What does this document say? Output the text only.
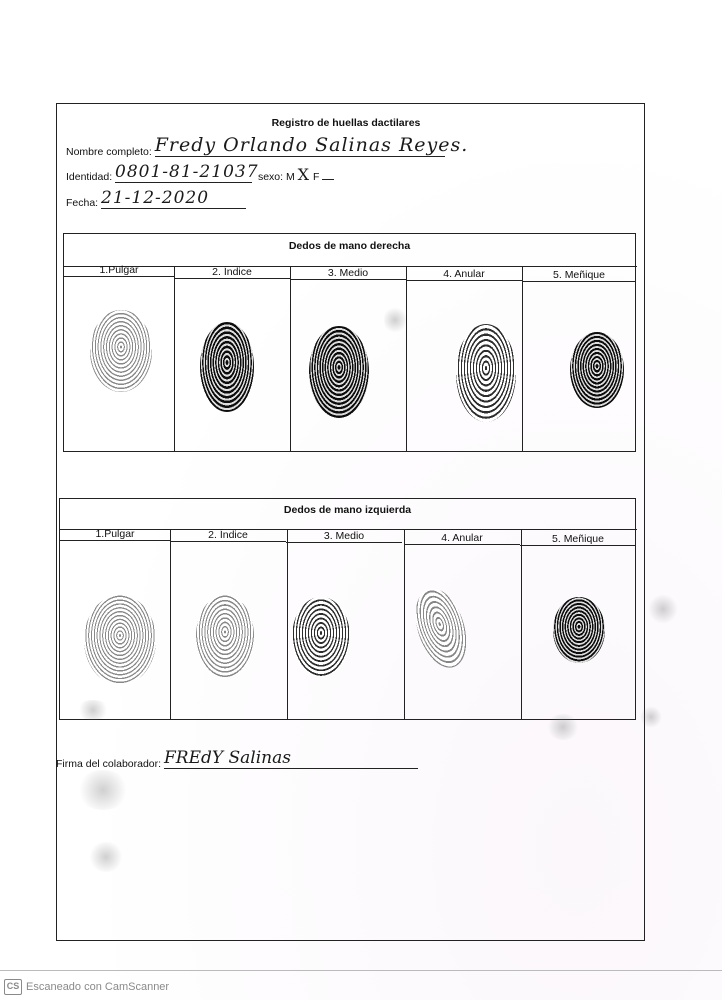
Registro de huellas dactilares
Nombre completo: Fredy Orlando Salinas Reyes.
Identidad: 0801-81-21037 sexo: M X F
Fecha: 21-12-2020
Dedos de mano derecha
1.Pulgar	2. Índice	3. Medio	4. Anular	5. Meñique
Dedos de mano izquierda
1.Pulgar	2. Índice	3. Medio	4. Anular	5. Meñique
Firma del colaborador: FREdY Salinas
CS Escaneado con CamScanner
